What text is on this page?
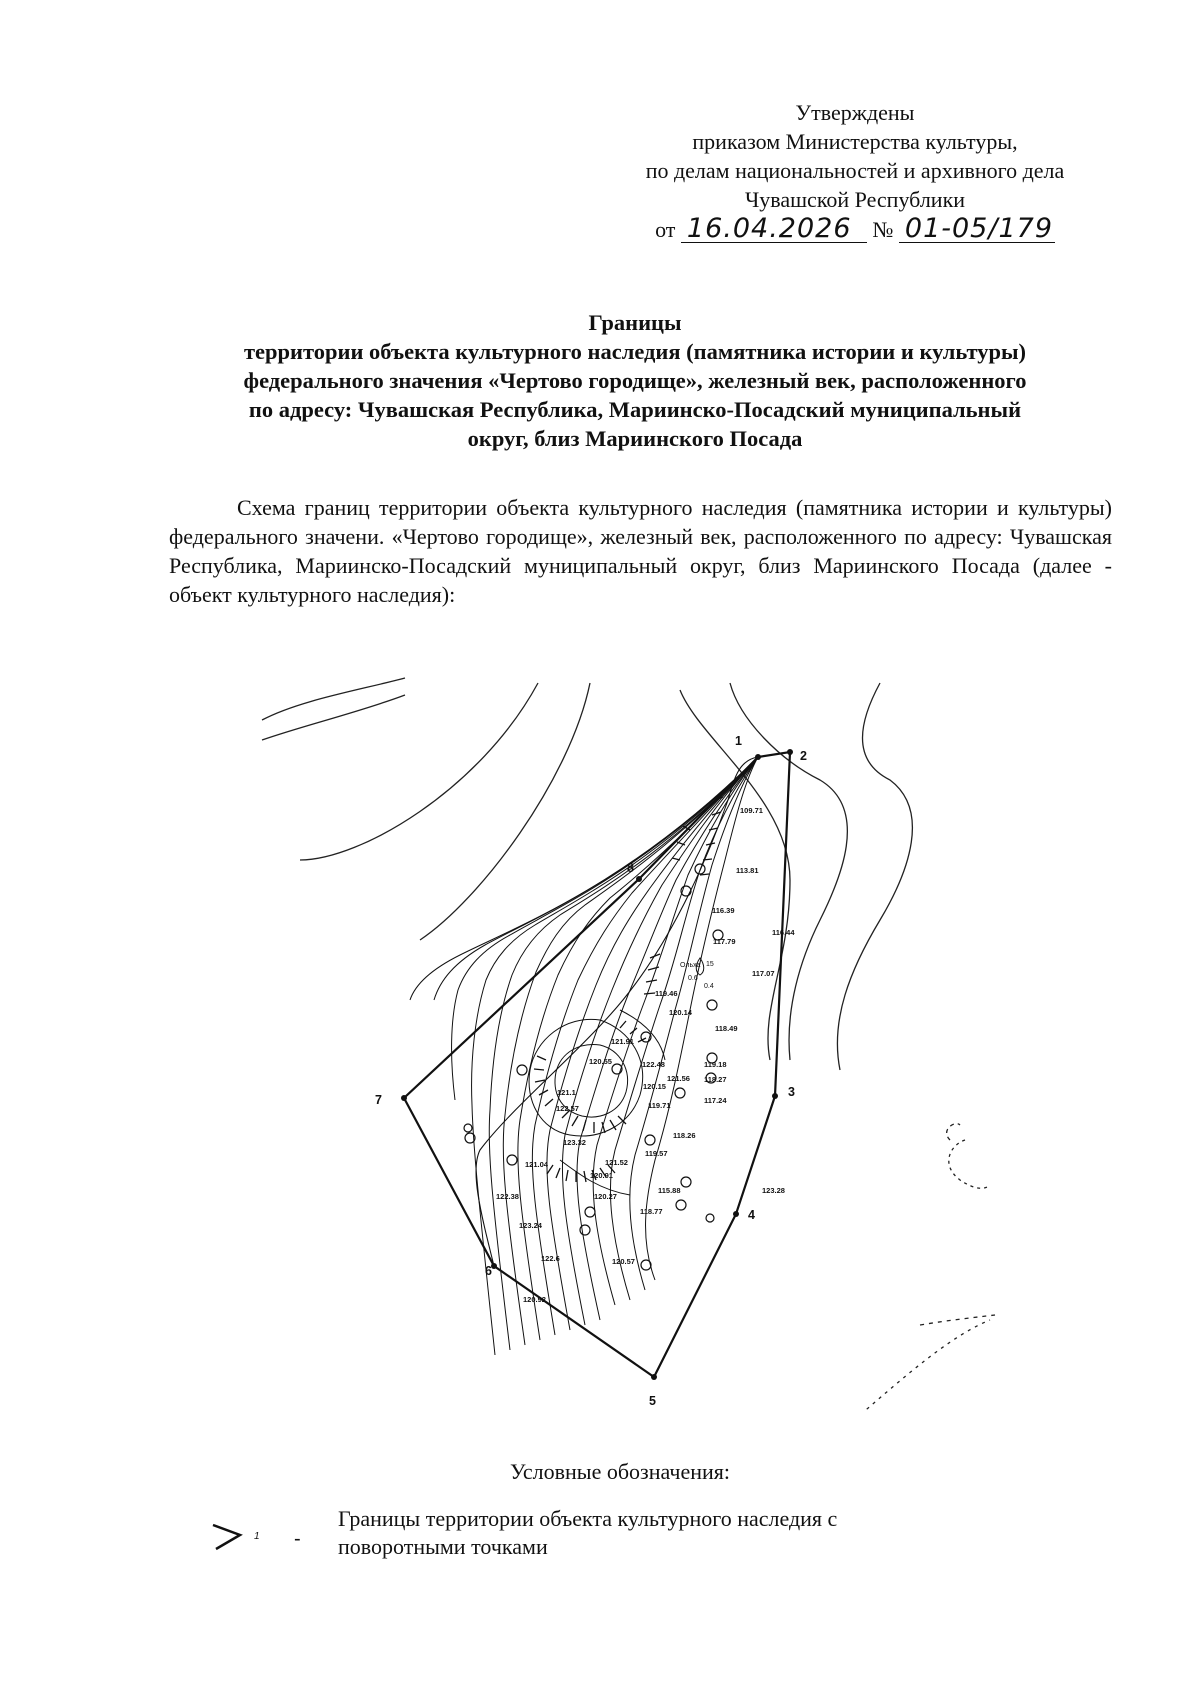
Утверждены
приказом Министерства культуры,
по делам национальностей и архивного дела
Чувашской Республики
от 16.04.2026 № 01-05/179
Границы
территории объекта культурного наследия (памятника истории и культуры)
федерального значения «Чертово городище», железный век, расположенного
по адресу: Чувашская Республика, Мариинско-Посадский муниципальный
округ, близ Мариинского Посада
Схема границ территории объекта культурного наследия (памятника истории и культуры) федерального значени. «Чертово городище», железный век, расположенного по адресу: Чувашская Республика, Мариинско-Посадский муниципальный округ, близ Мариинского Посада (далее - объект культурного наследия):
1
2
3
4
5
6
7
8
109.71
113.81
116.39
116.44
117.79
117.07
119.46
120.14
118.49
121.91
120.55	122.48	119.18
120.15
121.56 118.27
122.57	119.71
117.24
121.1
118.26
123.32
119.57
121.52
121.04
120.91
115.88
122.38	120.27
118.77
123.28
123.24
122.6	120.57
120.92
Ольха
0.6
15
0.4
Условные обозначения:
1 -
Границы территории объекта культурного наследия с
поворотными точками
